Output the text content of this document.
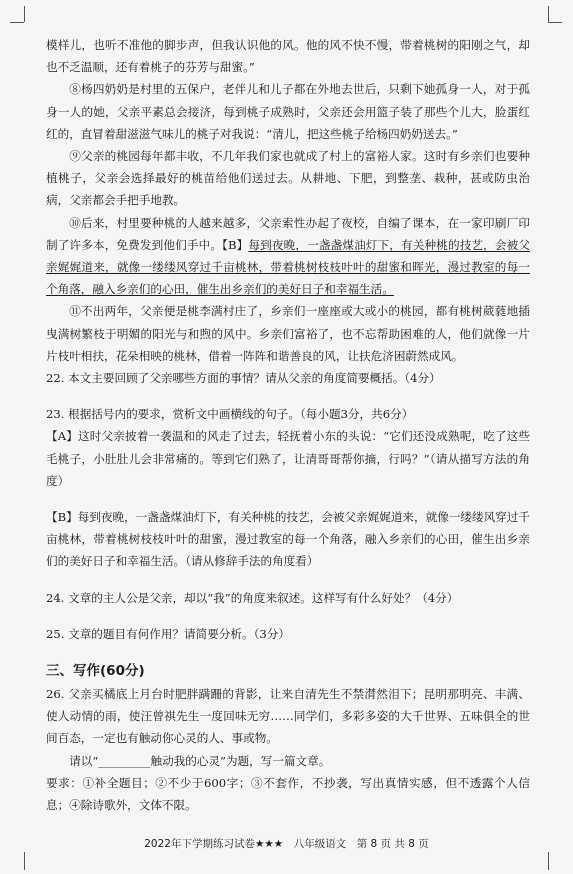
模样儿，也听不准他的脚步声，但我认识他的风。他的风不快不慢，带着桃树的阳刚之气，却也不乏温顺，还有着桃子的芬芳与甜蜜。”

⑧杨四奶奶是村里的五保户，老伴儿和儿子都在外地去世后，只剩下她孤身一人，对于孤身一人的她，父亲平素总会接济，每到桃子成熟时，父亲还会用篮子装了那些个儿大，脸蛋红红的，直冒着甜滋滋气味儿的桃子对我说：“清儿，把这些桃子给杨四奶奶送去。”

⑨父亲的桃园每年都丰收，不几年我们家也就成了村上的富裕人家。这时有乡亲们也要种植桃子，父亲会选择最好的桃苗给他们送过去。从耕地、下肥，到整垄、栽种，甚或防虫治病，父亲都会手把手地教。

⑩后来，村里要种桃的人越来越多，父亲索性办起了夜校，自编了课本，在一家印刷厂印制了许多本，免费发到他们手中。【B】每到夜晚，一盏盏煤油灯下，有关种桃的技艺，会被父亲娓娓道来，就像一缕缕风穿过千亩桃林，带着桃树枝枝叶叶的甜蜜和晖光，漫过教室的每一个角落，融入乡亲们的心田，催生出乡亲们的美好日子和幸福生活。

⑪不出两年，父亲便是桃李满村庄了，乡亲们一座座或大或小的桃园，都有桃树葳蕤地插曳满树繁枝于明媚的阳光与和煦的风中。乡亲们富裕了，也不忘帮助困难的人，他们就像一片片枝叶相扶，花朵相映的桃林，借着一阵阵和谐善良的风，让扶危济困蔚然成风。

22. 本文主要回顾了父亲哪些方面的事情？请从父亲的角度简要概括。（4分）

23. 根据括号内的要求，赏析文中画横线的句子。（每小题3分，共6分）

【A】这时父亲披着一袭温和的风走了过去，轻抚着小东的头说：“它们还没成熟呢，吃了这些毛桃子，小肚肚儿会非常痛的。等到它们熟了，让清哥哥帮你摘，行吗？”（请从描写方法的角度）

【B】每到夜晚，一盏盏煤油灯下，有关种桃的技艺，会被父亲娓娓道来，就像一缕缕风穿过千亩桃林，带着桃树枝枝叶叶的甜蜜，漫过教室的每一个角落，融入乡亲们的心田，催生出乡亲们的美好日子和幸福生活。（请从修辞手法的角度看）

24. 文章的主人公是父亲，却以“我”的角度来叙述。这样写有什么好处？（4分）

25. 文章的题目有何作用？请简要分析。（3分）

三、写作(60分)

26. 父亲买橘底上月台时肥胖蹒跚的背影，让来自清先生不禁潸然泪下；昆明那明亮、丰满、使人动情的雨，使汪曾祺先生一度回味无穷……同学们，多彩多姿的大千世界、五味俱全的世间百态，一定也有触动你心灵的人、事或物。

请以“_________触动我的心灵”为题，写一篇文章。

要求：①补全题目；②不少于600字；③不套作，不抄袭，写出真情实感，但不透露个人信息；④除诗歌外，文体不限。

2022年下学期练习试卷★★★　八年级语文　第 8 页 共 8 页
